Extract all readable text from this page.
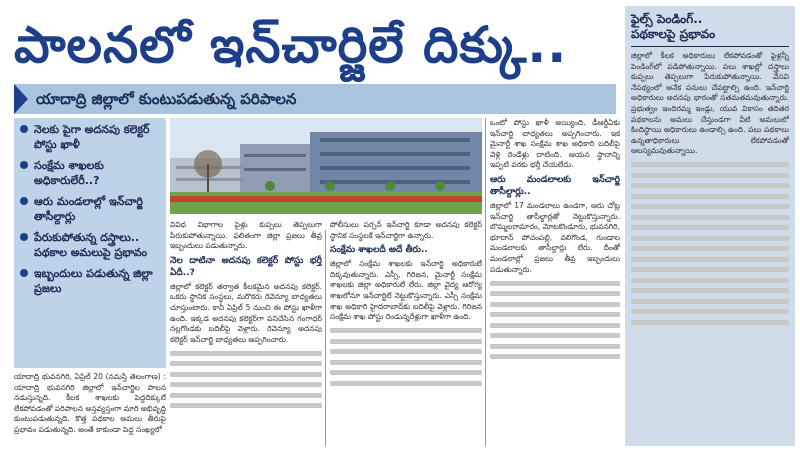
పాలనలో ఇన్‌చార్జిలే దిక్కు..
యాదాద్రి జిల్లాలో కుంటుపడుతున్న పరిపాలన
నెలకు పైగా అదనపు కలెక్టర్ పోస్టు ఖాళీ
సంక్షేమ శాఖలకు అధికారులేరీ..?
ఆరు మండలాల్లో ఇన్‌చార్జి తాసీల్దార్లు
పేరుకుపోతున్న దస్త్రాలు.. పథకాల అమలుపై ప్రభావం
ఇబ్బందులు పడుతున్న జిల్లా ప్రజలు
యాదాద్రి భువనగిరి, ఏప్రిల్ 20 (నమస్తే తెలంగాణ) : యాదాద్రి భువనగిరి జిల్లాలో ఇన్‌చార్జిల పాలన నడుస్తున్నది. కీలక శాఖలకు పెద్దదిక్కులే లేకపోవడంతో పరిపాలన అస్తవ్యస్తంగా మారి అభివృద్ధి కుంటుపడుతున్నది. కొత్త పథకాల అమలు తీరుపై ప్రభావం పడుతున్నది. అంతే కాకుండా పెద్ద సంఖ్యలో
వివిధ విభాగాల పైళ్లు కుప్పలు తెప్పలుగా పేరుకుపోతున్నాయి. ఫలితంగా జిల్లా ప్రజలు తీవ్ర ఇబ్బందులు పడుతున్నారు.
నెల దాటినా అదనపు కలెక్టర్ పోస్టు భర్తీ ఏదీ..?
జిల్లాలో కలెక్టర్ తర్వాత కీలకమైన అదనపు కలెక్టర్. ఒకరు స్థానిక సంస్థలు, మరొకరు రెవెన్యూ బాధ్యతలు చూస్తుంటారు. కానీ ఏప్రిల్ 5 నుంచి ఈ పోస్టు ఖాళీగా ఉంది. ఇక్కడ అదనపు కలెక్టర్‌గా పనిచేసిన గంగాధర్ నల్లగొండకు బదిలీపై వెళ్లారు. రెవెన్యూ అదనపు కలెక్టర్ ఇన్‌చార్జి బాధ్యతలు అప్పగించారు.
పోలీసులు పర్సన్ ఇన్‌చార్జి కూడా అదనపు కలెక్టర్ స్థానిక సంస్థలకే ఇన్‌చార్జిగా ఉన్నారు.
సంక్షేమ శాఖలదీ అదే తీరు..
జిల్లాలో సంక్షేమ శాఖలకు ఇన్‌చార్జి అధికారులే దిక్కవుతున్నారు. ఎస్సీ, గిరిజన, మైనార్టీ సంక్షేమ శాఖలకు జిల్లా అధికారులే లేరు. జిల్లా వైద్య ఆరోగ్య శాఖలోనూ ఇన్‌చార్జిలే నెట్టుకొస్తున్నారు. ఎస్సీ సంక్షేమ శాఖ అధికారి హైదరాబాద్‌కు బదిలీపై వెళ్లారు. గిరిజన సంక్షేమ శాఖ పోస్టు రెండున్నరేళ్లుగా ఖాళీగా ఉంది.
ఒంటో పోస్టు ఖాళీ అయ్యింది. డీఆర్డీఏకు ఇన్‌చార్జి బాధ్యతలు అప్పగించారు. ఇక మైనార్టీ శాఖ సంక్షేమ శాఖ అధికారి బదిలీపై వెళ్లి రెండేళ్లు దాటింది. ఆయన స్థానాన్ని ఇప్పటి వరకు భర్తీ చేయలేదు.
ఆరు మండలాలకు ఇన్‌చార్జి తాసీల్దార్లు..
జిల్లాలో 17 మండలాలు ఉండగా, ఆరు చోట్ల ఇన్‌చార్జి తాసీల్దార్లతో నెట్టుకొస్తున్నారు. బొమ్మలరామారం, మోటకొండూరు, భువనగిరి, భూదాన్ పోచంపల్లి, వలిగొండ, గుండాల మండలాలకు తాసీల్దార్లు లేరు. దీంతో మండలాల్లో ప్రజలు తీవ్ర ఇబ్బందులు పడుతున్నారు.
ఫైల్స్ పెండింగ్..
పథకాలపై ప్రభావం
జిల్లాలో కీలక అధికారులు లేకపోవడంతో ఫైళ్లన్నీ పెండింగ్‌లో పడిపోతున్నాయి. పలు శాఖల్లో దస్త్రాలు కుప్పలు తెప్పలుగా పేరుకుపోతున్నాయి. వేసవి నేపథ్యంలో అనేక పనులు చేపట్టాల్సి ఉంది. ఇన్‌చార్జి అధికారులు అదనపు భారంతో సతమతమవుతున్నారు. ప్రభుత్వం ఇందిరమ్మ ఇండ్లు, యువ వికాసం తదితర పథకాలను అమలు చేస్తుండగా వీటి అమలులో కిందిస్థాయి అధికారులు ఉండాల్సి ఉంది. పలు పథకాలు ఉన్నతాధికారులు లేకపోవడంతో ఆలస్యమవుతున్నాయి.
